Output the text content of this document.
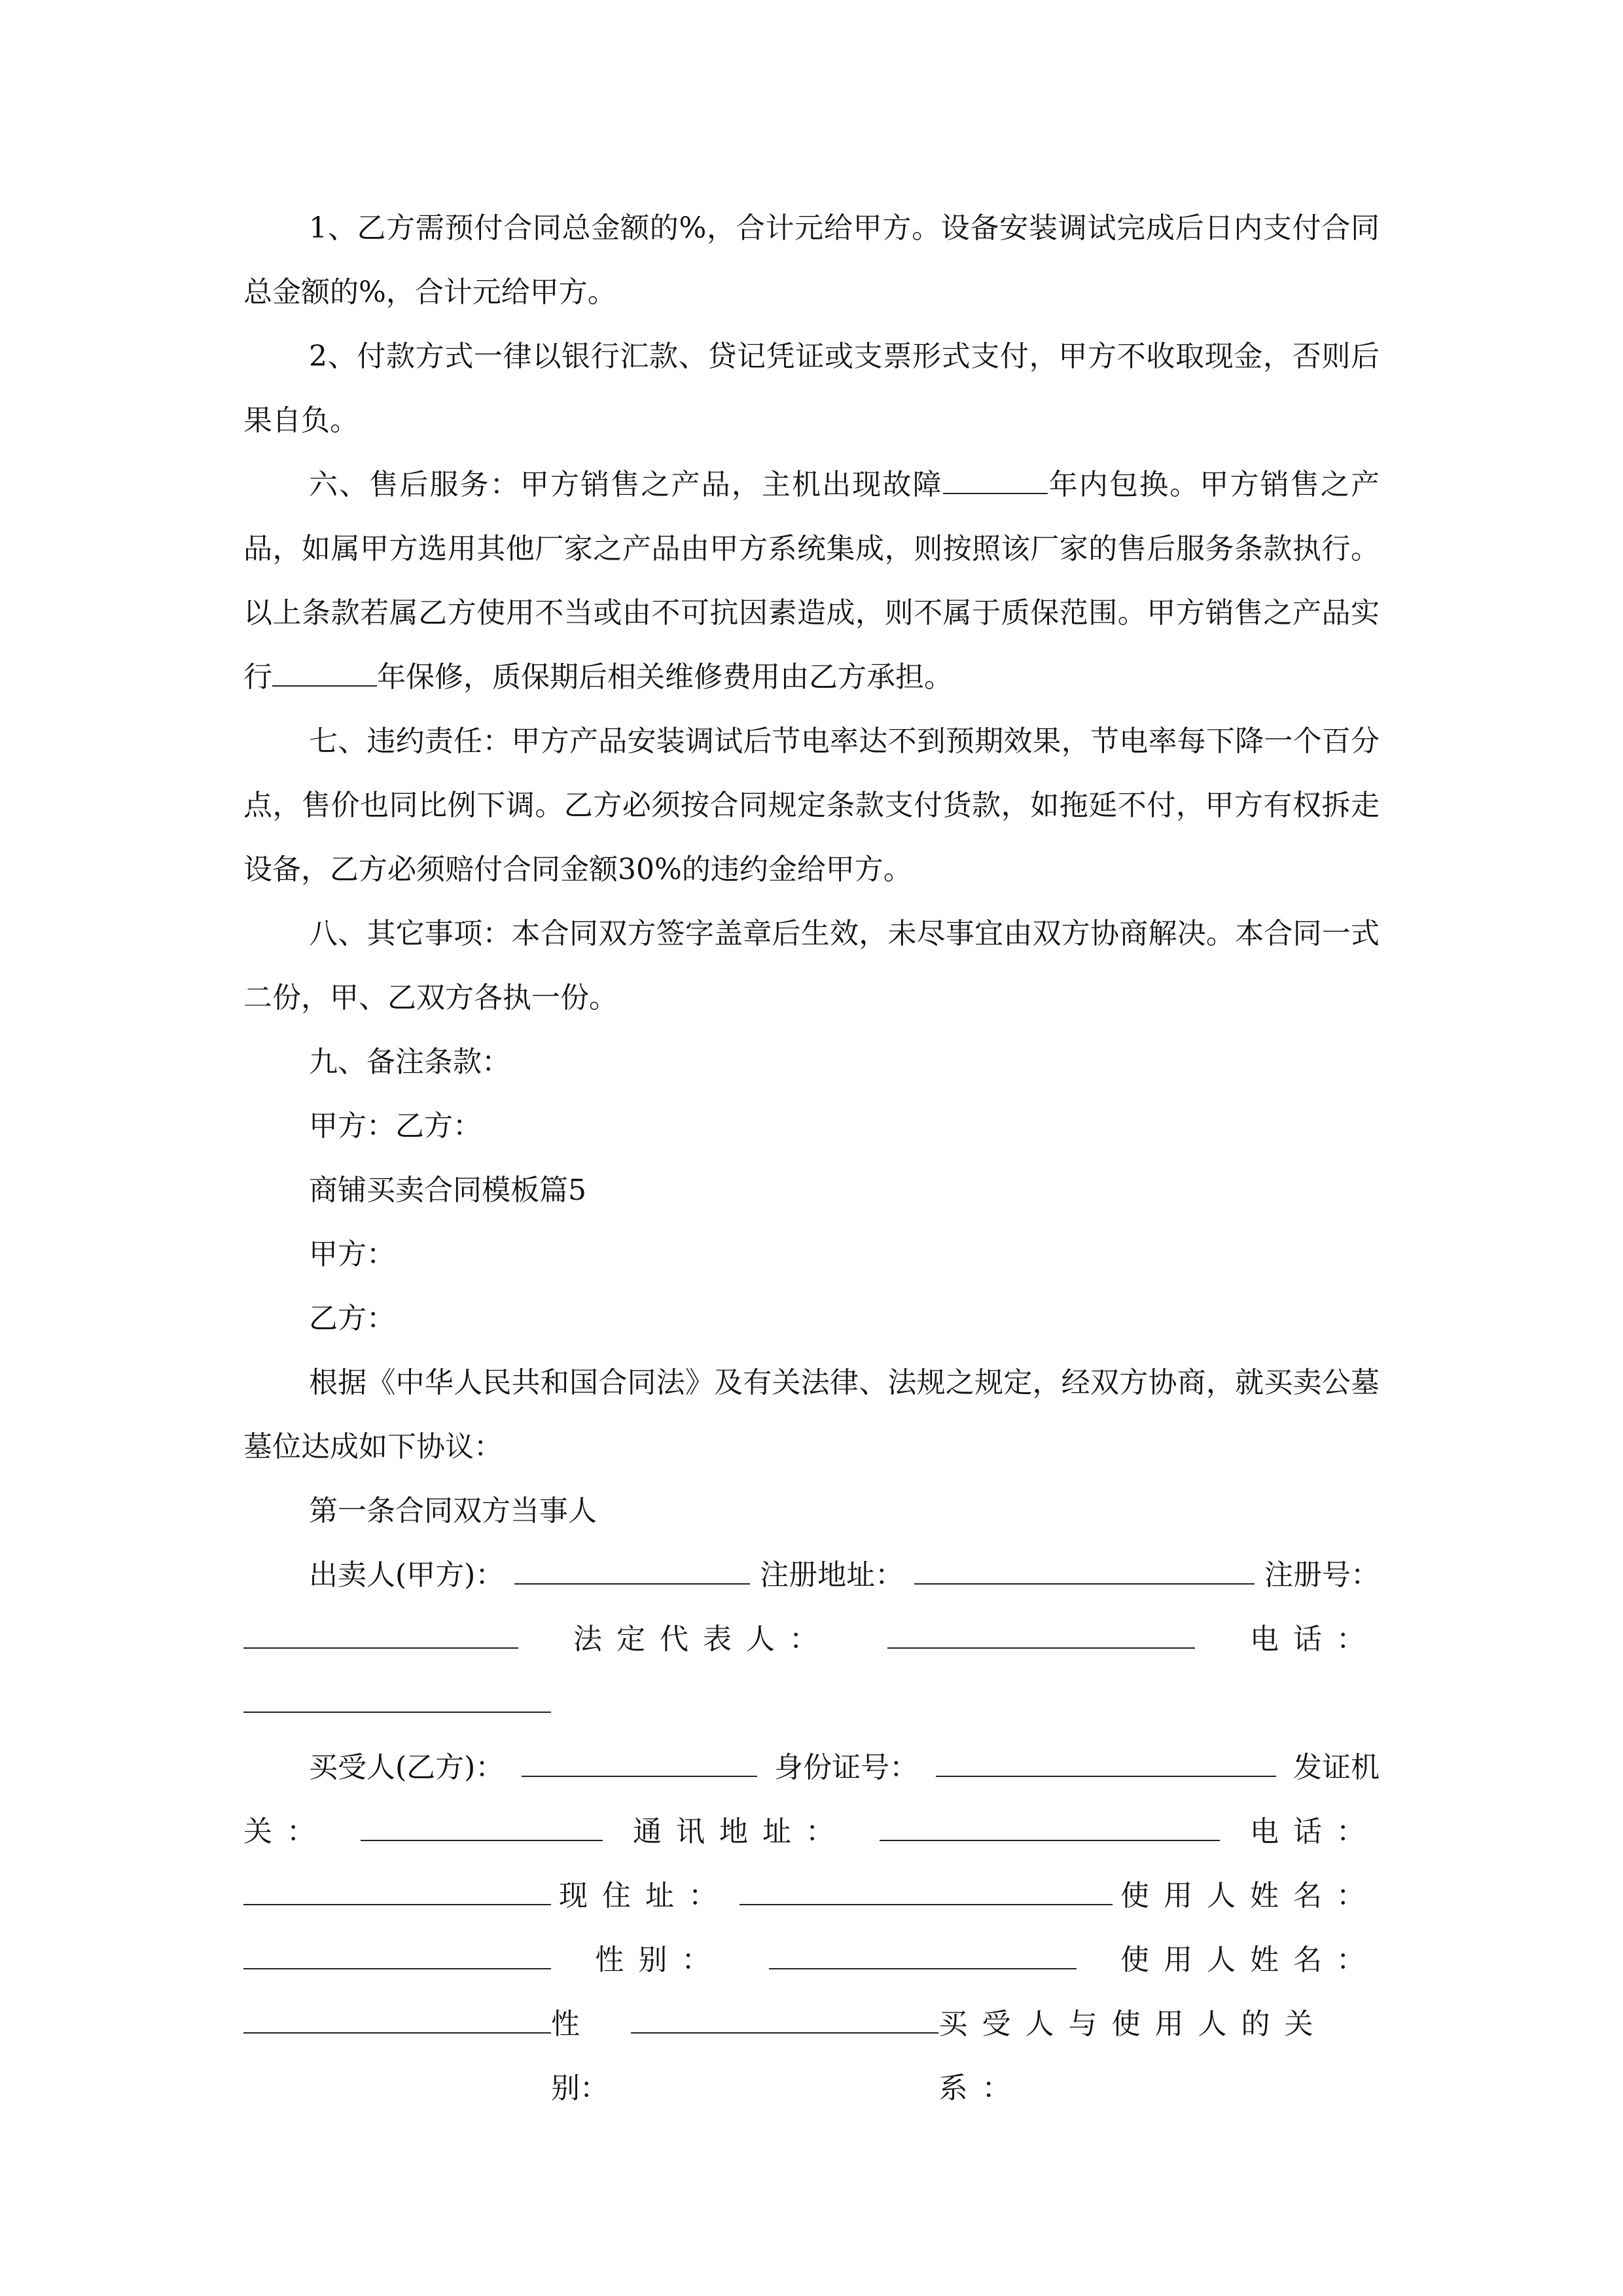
1、乙方需预付合同总金额的%，合计元给甲方。设备安装调试完成后日内支付合同总金额的%，合计元给甲方。

2、付款方式一律以银行汇款、贷记凭证或支票形式支付，甲方不收取现金，否则后果自负。

六、售后服务：甲方销售之产品，主机出现故障	年内包换。甲方销售之产品，如属甲方选用其他厂家之产品由甲方系统集成，则按照该厂家的售后服务条款执行。以上条款若属乙方使用不当或由不可抗因素造成，则不属于质保范围。甲方销售之产品实行	年保修，质保期后相关维修费用由乙方承担。

七、违约责任：甲方产品安装调试后节电率达不到预期效果，节电率每下降一个百分点，售价也同比例下调。乙方必须按合同规定条款支付货款，如拖延不付，甲方有权拆走设备，乙方必须赔付合同金额30%的违约金给甲方。

八、其它事项：本合同双方签字盖章后生效，未尽事宜由双方协商解决。本合同一式二份，甲、乙双方各执一份。

九、备注条款：

甲方：乙方：

商铺买卖合同模板篇5

甲方：

乙方：

根据《中华人民共和国合同法》及有关法律、法规之规定，经双方协商，就买卖公墓墓位达成如下协议：

第一条合同双方当事人

出卖人(甲方)：	注册地址：	注册号：
法定代表人：	电话：
买受人(乙方)：	身份证号：	发证机
关：	通讯地址：	电话：
现住址：	使用人姓名：
性别：	使用人姓名：
性别：
买受人与使用人的关系：
